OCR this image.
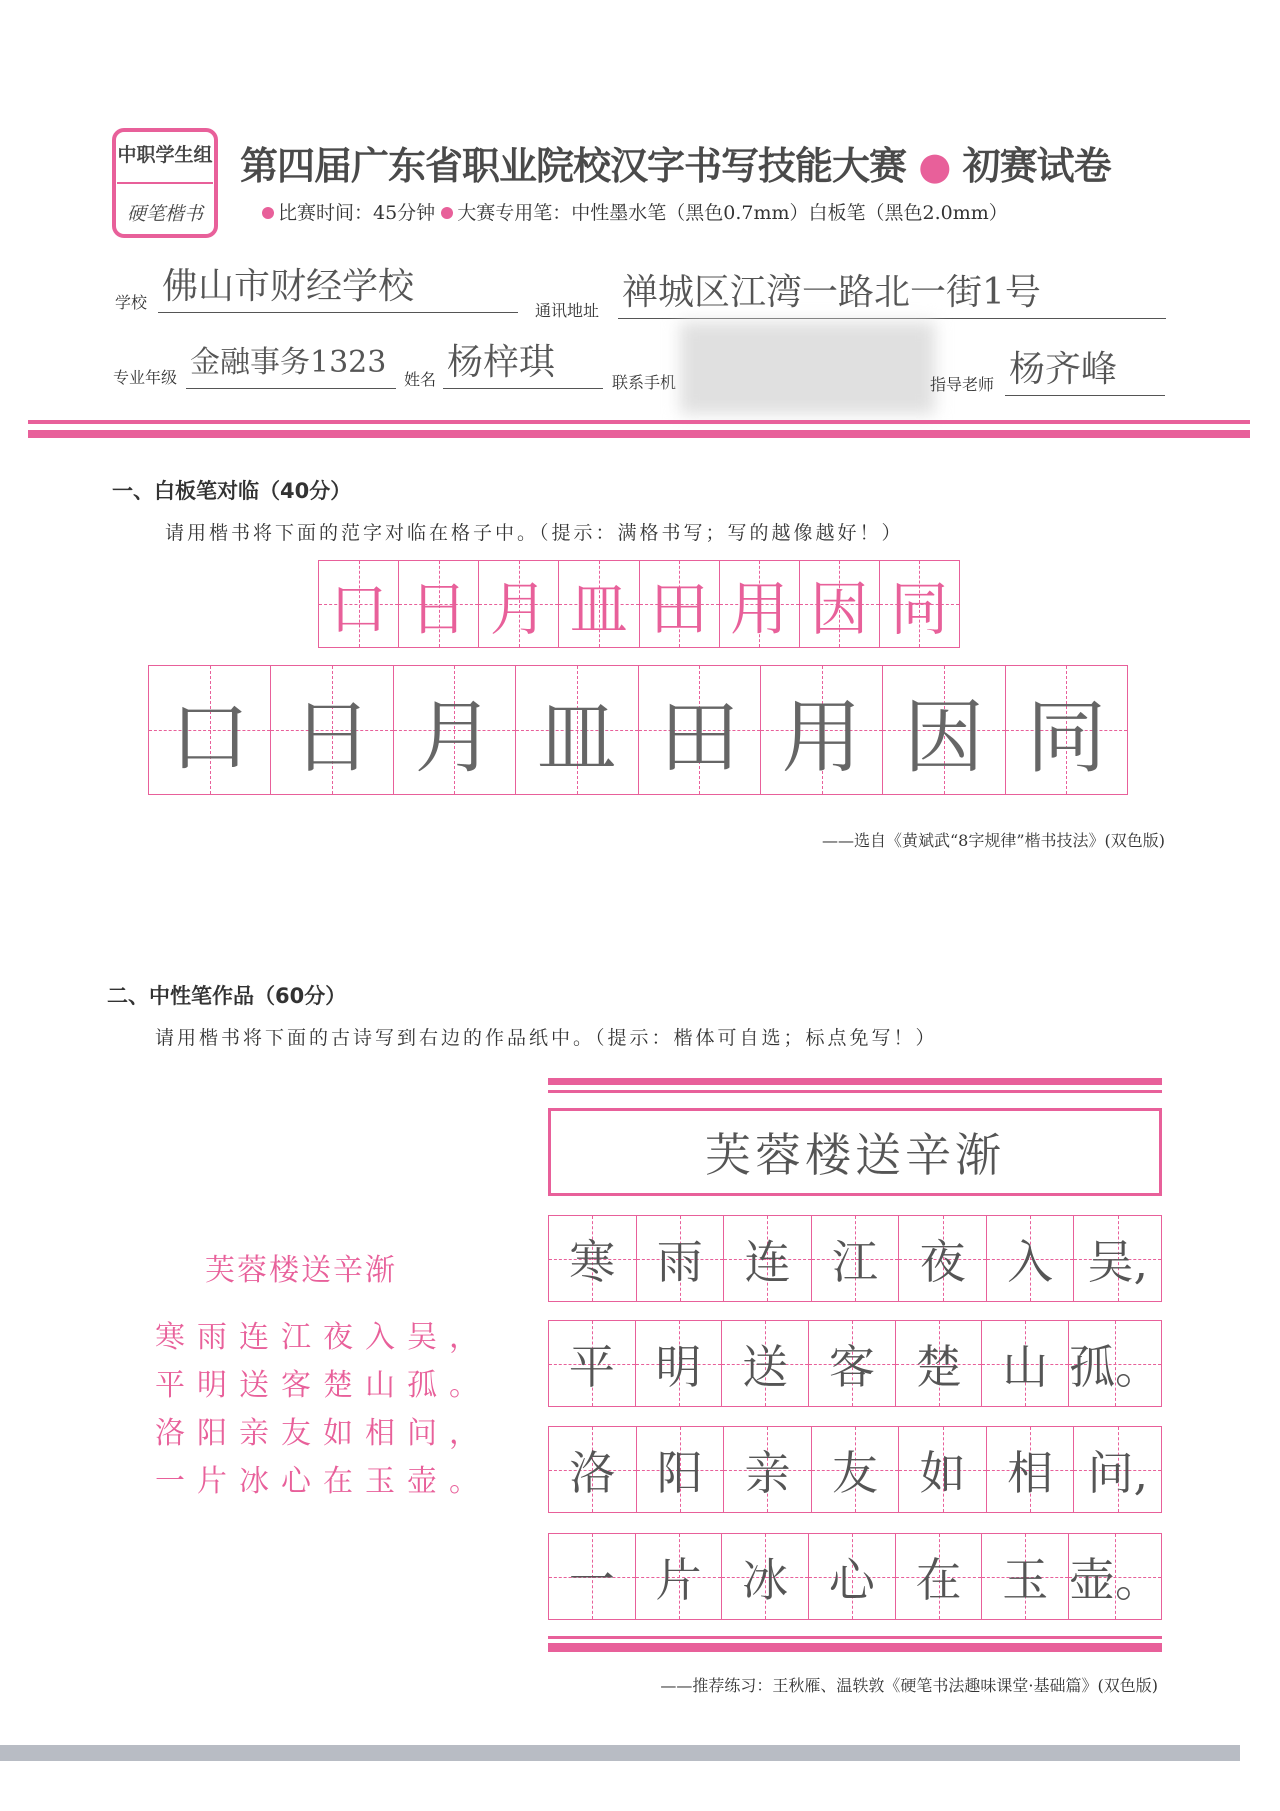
中职学生组
硬笔楷书
第四届广东省职业院校汉字书写技能大赛 ● 初赛试卷
比赛时间：45分钟 大赛专用笔：中性墨水笔（黑色0.7mm）白板笔（黑色2.0mm）
学校 佛山市财经学校
通讯地址 禅城区江湾一路北一街1号
专业年级 金融事务1323	姓名 杨梓琪	联系手机	指导老师 杨齐峰
一、白板笔对临（40分）
请用楷书将下面的范字对临在格子中。（提示：满格书写；写的越像越好！）
口 日 月 皿 田 用 因 同
口 日 月 皿 田 用 因 同
——选自《黄斌武“8字规律”楷书技法》(双色版)
二、中性笔作品（60分）
请用楷书将下面的古诗写到右边的作品纸中。（提示：楷体可自选；标点免写！）
芙蓉楼送辛渐
寒雨连江夜入吴，
平明送客楚山孤。
洛阳亲友如相问，
一片冰心在玉壶。
芙蓉楼送辛渐
寒 雨 连 江 夜 入 吴,
平 明 送 客 楚 山 孤。
洛 阳 亲 友 如 相 问,
一 片 冰 心 在 玉 壶。
——推荐练习：王秋雁、温轶敦《硬笔书法趣味课堂·基础篇》(双色版)
